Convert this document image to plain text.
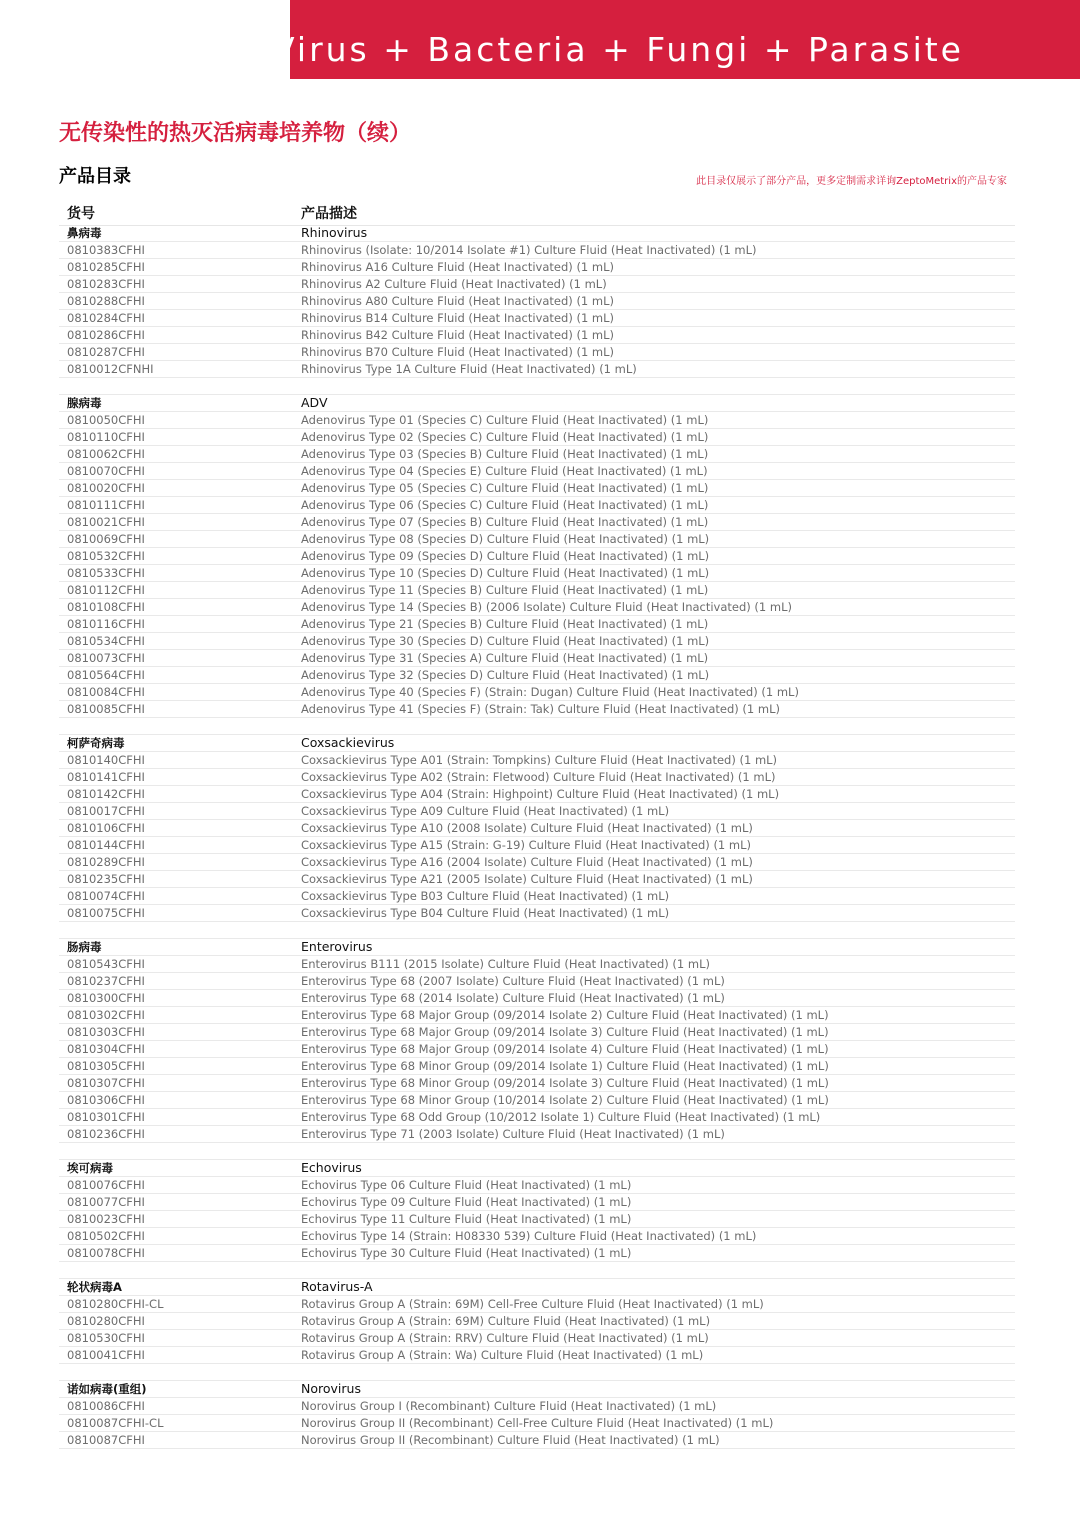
Virus + Bacteria + Fungi + Parasite
无传染性的热灭活病毒培养物（续）
产品目录	此目录仅展示了部分产品，更多定制需求详询ZeptoMetrix的产品专家
货号	产品描述
鼻病毒	Rhinovirus
0810383CFHI	Rhinovirus (Isolate: 10/2014 Isolate #1) Culture Fluid (Heat Inactivated) (1 mL)
0810285CFHI	Rhinovirus A16 Culture Fluid (Heat Inactivated) (1 mL)
0810283CFHI	Rhinovirus A2 Culture Fluid (Heat Inactivated) (1 mL)
0810288CFHI	Rhinovirus A80 Culture Fluid (Heat Inactivated) (1 mL)
0810284CFHI	Rhinovirus B14 Culture Fluid (Heat Inactivated) (1 mL)
0810286CFHI	Rhinovirus B42 Culture Fluid (Heat Inactivated) (1 mL)
0810287CFHI	Rhinovirus B70 Culture Fluid (Heat Inactivated) (1 mL)
0810012CFNHI	Rhinovirus Type 1A Culture Fluid (Heat Inactivated) (1 mL)
腺病毒	ADV
0810050CFHI	Adenovirus Type 01 (Species C) Culture Fluid (Heat Inactivated) (1 mL)
0810110CFHI	Adenovirus Type 02 (Species C) Culture Fluid (Heat Inactivated) (1 mL)
0810062CFHI	Adenovirus Type 03 (Species B) Culture Fluid (Heat Inactivated) (1 mL)
0810070CFHI	Adenovirus Type 04 (Species E) Culture Fluid (Heat Inactivated) (1 mL)
0810020CFHI	Adenovirus Type 05 (Species C) Culture Fluid (Heat Inactivated) (1 mL)
0810111CFHI	Adenovirus Type 06 (Species C) Culture Fluid (Heat Inactivated) (1 mL)
0810021CFHI	Adenovirus Type 07 (Species B) Culture Fluid (Heat Inactivated) (1 mL)
0810069CFHI	Adenovirus Type 08 (Species D) Culture Fluid (Heat Inactivated) (1 mL)
0810532CFHI	Adenovirus Type 09 (Species D) Culture Fluid (Heat Inactivated) (1 mL)
0810533CFHI	Adenovirus Type 10 (Species D) Culture Fluid (Heat Inactivated) (1 mL)
0810112CFHI	Adenovirus Type 11 (Species B) Culture Fluid (Heat Inactivated) (1 mL)
0810108CFHI	Adenovirus Type 14 (Species B) (2006 Isolate) Culture Fluid (Heat Inactivated) (1 mL)
0810116CFHI	Adenovirus Type 21 (Species B) Culture Fluid (Heat Inactivated) (1 mL)
0810534CFHI	Adenovirus Type 30 (Species D) Culture Fluid (Heat Inactivated) (1 mL)
0810073CFHI	Adenovirus Type 31 (Species A) Culture Fluid (Heat Inactivated) (1 mL)
0810564CFHI	Adenovirus Type 32 (Species D) Culture Fluid (Heat Inactivated) (1 mL)
0810084CFHI	Adenovirus Type 40 (Species F) (Strain: Dugan) Culture Fluid (Heat Inactivated) (1 mL)
0810085CFHI	Adenovirus Type 41 (Species F) (Strain: Tak) Culture Fluid (Heat Inactivated) (1 mL)
柯萨奇病毒	Coxsackievirus
0810140CFHI	Coxsackievirus Type A01 (Strain: Tompkins) Culture Fluid (Heat Inactivated) (1 mL)
0810141CFHI	Coxsackievirus Type A02 (Strain: Fletwood) Culture Fluid (Heat Inactivated) (1 mL)
0810142CFHI	Coxsackievirus Type A04 (Strain: Highpoint) Culture Fluid (Heat Inactivated) (1 mL)
0810017CFHI	Coxsackievirus Type A09 Culture Fluid (Heat Inactivated) (1 mL)
0810106CFHI	Coxsackievirus Type A10 (2008 Isolate) Culture Fluid (Heat Inactivated) (1 mL)
0810144CFHI	Coxsackievirus Type A15 (Strain: G-19) Culture Fluid (Heat Inactivated) (1 mL)
0810289CFHI	Coxsackievirus Type A16 (2004 Isolate) Culture Fluid (Heat Inactivated) (1 mL)
0810235CFHI	Coxsackievirus Type A21 (2005 Isolate) Culture Fluid (Heat Inactivated) (1 mL)
0810074CFHI	Coxsackievirus Type B03 Culture Fluid (Heat Inactivated) (1 mL)
0810075CFHI	Coxsackievirus Type B04 Culture Fluid (Heat Inactivated) (1 mL)
肠病毒	Enterovirus
0810543CFHI	Enterovirus B111 (2015 Isolate) Culture Fluid (Heat Inactivated) (1 mL)
0810237CFHI	Enterovirus Type 68 (2007 Isolate) Culture Fluid (Heat Inactivated) (1 mL)
0810300CFHI	Enterovirus Type 68 (2014 Isolate) Culture Fluid (Heat Inactivated) (1 mL)
0810302CFHI	Enterovirus Type 68 Major Group (09/2014 Isolate 2) Culture Fluid (Heat Inactivated) (1 mL)
0810303CFHI	Enterovirus Type 68 Major Group (09/2014 Isolate 3) Culture Fluid (Heat Inactivated) (1 mL)
0810304CFHI	Enterovirus Type 68 Major Group (09/2014 Isolate 4) Culture Fluid (Heat Inactivated) (1 mL)
0810305CFHI	Enterovirus Type 68 Minor Group (09/2014 Isolate 1) Culture Fluid (Heat Inactivated) (1 mL)
0810307CFHI	Enterovirus Type 68 Minor Group (09/2014 Isolate 3) Culture Fluid (Heat Inactivated) (1 mL)
0810306CFHI	Enterovirus Type 68 Minor Group (10/2014 Isolate 2) Culture Fluid (Heat Inactivated) (1 mL)
0810301CFHI	Enterovirus Type 68 Odd Group (10/2012 Isolate 1) Culture Fluid (Heat Inactivated) (1 mL)
0810236CFHI	Enterovirus Type 71 (2003 Isolate) Culture Fluid (Heat Inactivated) (1 mL)
埃可病毒	Echovirus
0810076CFHI	Echovirus Type 06 Culture Fluid (Heat Inactivated) (1 mL)
0810077CFHI	Echovirus Type 09 Culture Fluid (Heat Inactivated) (1 mL)
0810023CFHI	Echovirus Type 11 Culture Fluid (Heat Inactivated) (1 mL)
0810502CFHI	Echovirus Type 14 (Strain: H08330 539) Culture Fluid (Heat Inactivated) (1 mL)
0810078CFHI	Echovirus Type 30 Culture Fluid (Heat Inactivated) (1 mL)
轮状病毒A	Rotavirus-A
0810280CFHI-CL	Rotavirus Group A (Strain: 69M) Cell-Free Culture Fluid (Heat Inactivated) (1 mL)
0810280CFHI	Rotavirus Group A (Strain: 69M) Culture Fluid (Heat Inactivated) (1 mL)
0810530CFHI	Rotavirus Group A (Strain: RRV) Culture Fluid (Heat Inactivated) (1 mL)
0810041CFHI	Rotavirus Group A (Strain: Wa) Culture Fluid (Heat Inactivated) (1 mL)
诺如病毒(重组)	Norovirus
0810086CFHI	Norovirus Group I (Recombinant) Culture Fluid (Heat Inactivated) (1 mL)
0810087CFHI-CL	Norovirus Group II (Recombinant) Cell-Free Culture Fluid (Heat Inactivated) (1 mL)
0810087CFHI	Norovirus Group II (Recombinant) Culture Fluid (Heat Inactivated) (1 mL)
